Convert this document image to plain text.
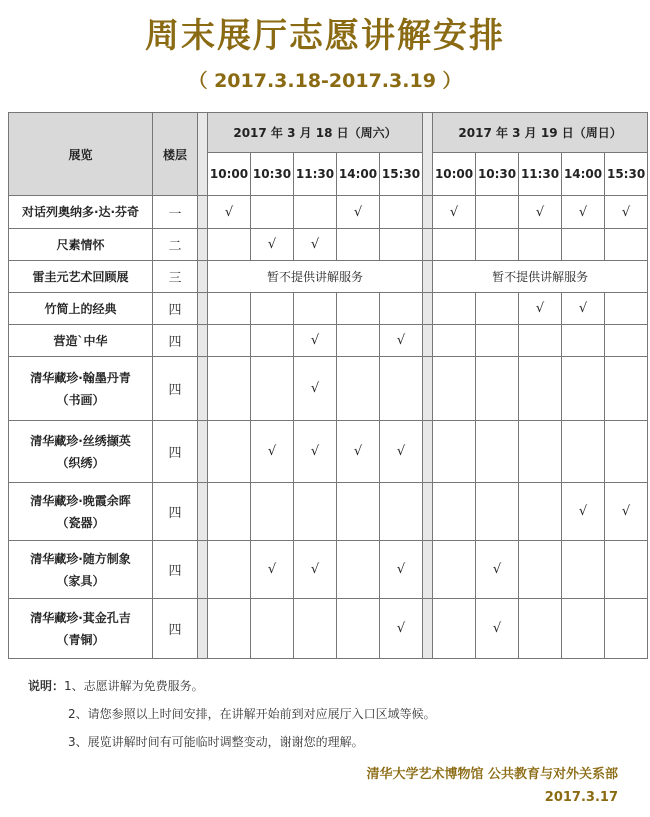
周末展厅志愿讲解安排
（ 2017.3.18-2017.3.19 ）
展览	楼层		2017 年 3 月 18 日（周六）						2017 年 3 月 19 日（周日）				
			10:00	10:30	11:30	14:00	15:30		10:00	10:30	11:30	14:00	15:30

对话列奥纳多·达·芬奇	一		√			√			√		√	√	√

尺素情怀	二			√	√								

雷圭元艺术回顾展	三		暂不提供讲解服务						暂不提供讲解服务				

竹简上的经典	四										√	√	

营造`中华	四				√		√						

清华藏珍·翰墨丹青
（书画）	四				√								

清华藏珍·丝绣撷英
（织绣）	四			√	√	√	√						

清华藏珍·晚霞余晖
（瓷器）	四											√	√

清华藏珍·随方制象
（家具）	四			√	√		√			√			

清华藏珍·萁金孔吉
（青铜）	四						√			√			
说明：1、志愿讲解为免费服务。
2、请您参照以上时间安排，在讲解开始前到对应展厅入口区域等候。
3、展览讲解时间有可能临时调整变动，谢谢您的理解。
清华大学艺术博物馆 公共教育与对外关系部
2017.3.17
